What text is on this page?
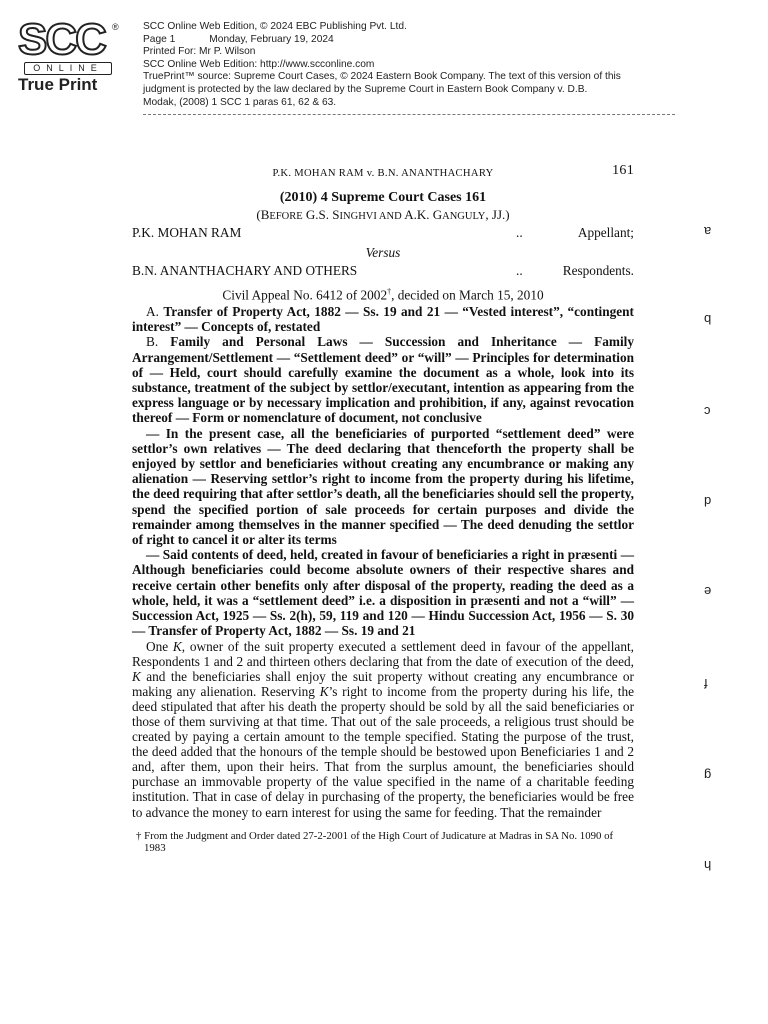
SCC ®
ONLINE
True Print
SCC Online Web Edition, © 2024 EBC Publishing Pvt. Ltd.
Page 1	Monday, February 19, 2024
Printed For: Mr P. Wilson
SCC Online Web Edition: http://www.scconline.com
TruePrint™ source: Supreme Court Cases, © 2024 Eastern Book Company. The text of this version of this judgment is protected by the law declared by the Supreme Court in Eastern Book Company v. D.B. Modak, (2008) 1 SCC 1 paras 61, 62 & 63.
P.K. MOHAN RAM v. B.N. ANANTHACHARY	161
(2010) 4 Supreme Court Cases 161
(BEFORE G.S. SINGHVI AND A.K. GANGULY, JJ.)
P.K. MOHAN RAM	..	Appellant;
Versus
B.N. ANANTHACHARY AND OTHERS	..	Respondents.
Civil Appeal No. 6412 of 2002†, decided on March 15, 2010

A. Transfer of Property Act, 1882 — Ss. 19 and 21 — “Vested interest”, “contingent interest” — Concepts of, restated

B. Family and Personal Laws — Succession and Inheritance — Family Arrangement/Settlement — “Settlement deed” or “will” — Principles for determination of — Held, court should carefully examine the document as a whole, look into its substance, treatment of the subject by settlor/executant, intention as appearing from the express language or by necessary implication and prohibition, if any, against revocation thereof — Form or nomenclature of document, not conclusive

— In the present case, all the beneficiaries of purported “settlement deed” were settlor’s own relatives — The deed declaring that thenceforth the property shall be enjoyed by settlor and beneficiaries without creating any encumbrance or making any alienation — Reserving settlor’s right to income from the property during his lifetime, the deed requiring that after settlor’s death, all the beneficiaries should sell the property, spend the specified portion of sale proceeds for certain purposes and divide the remainder among themselves in the manner specified — The deed denuding the settlor of right to cancel it or alter its terms

— Said contents of deed, held, created in favour of beneficiaries a right in præsenti — Although beneficiaries could become absolute owners of their respective shares and receive certain other benefits only after disposal of the property, reading the deed as a whole, held, it was a “settlement deed” i.e. a disposition in præsenti and not a “will” — Succession Act, 1925 — Ss. 2(h), 59, 119 and 120 — Hindu Succession Act, 1956 — S. 30 — Transfer of Property Act, 1882 — Ss. 19 and 21

One K, owner of the suit property executed a settlement deed in favour of the appellant, Respondents 1 and 2 and thirteen others declaring that from the date of execution of the deed, K and the beneficiaries shall enjoy the suit property without creating any encumbrance or making any alienation. Reserving K’s right to income from the property during his life, the deed stipulated that after his death the property should be sold by all the said beneficiaries or those of them surviving at that time. That out of the sale proceeds, a religious trust should be created by paying a certain amount to the temple specified. Stating the purpose of the trust, the deed added that the honours of the temple should be bestowed upon Beneficiaries 1 and 2 and, after them, upon their heirs. That from the surplus amount, the beneficiaries should purchase an immovable property of the value specified in the name of a charitable feeding institution. That in case of delay in purchasing of the property, the beneficiaries would be free to advance the money to earn interest for using the same for feeding. That the remainder

† From the Judgment and Order dated 27-2-2001 of the High Court of Judicature at Madras in SA No. 1090 of 1983
a
b
c
d
e
f
g
h
